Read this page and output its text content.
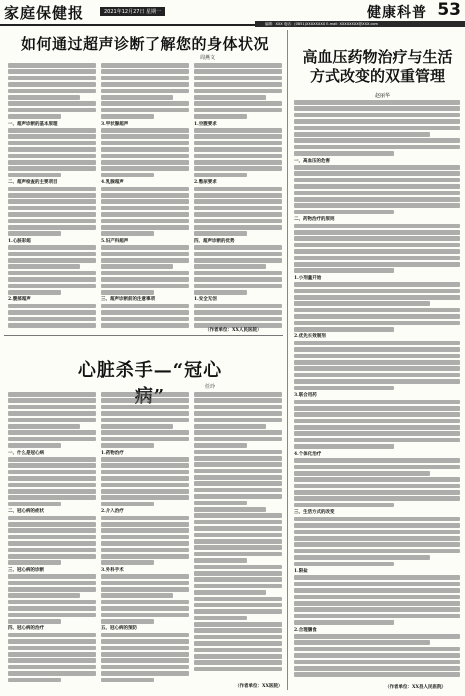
家庭保健报	2021年12月27日 星期一	健康科普 53
编辑：XXX 电话：(0851)XXXXXXXX E-mail: XXXXXXXX@XXX.com
如何通过超声诊断了解您的身体状况
周燕文
一、超声诊断的基本原理
二、超声检查的主要项目
1.心脏彩超
2.腹部超声
3.甲状腺超声
4.乳腺超声
5.妇产科超声
三、超声诊断前的注意事项
1.空腹要求
2.憋尿要求
四、超声诊断的优势
1.安全无创
（作者单位：XX人民医院）
心脏杀手—“冠心
任玲
一、什么是冠心病
二、冠心病的症状
三、冠心病的诊断
四、冠心病的治疗
1.药物治疗
2.介入治疗
3.外科手术
五、冠心病的预防
（作者单位：XX医院）
高血压药物治疗与生活方式改变的双重管理
赵丽华
一、高血压的危害
二、药物治疗的原则
1.小剂量开始
2.优先长效制剂
3.联合用药
4.个体化治疗
三、生活方式的改变
1.限盐
2.合理膳食
（作者单位：XX县人民医院）
